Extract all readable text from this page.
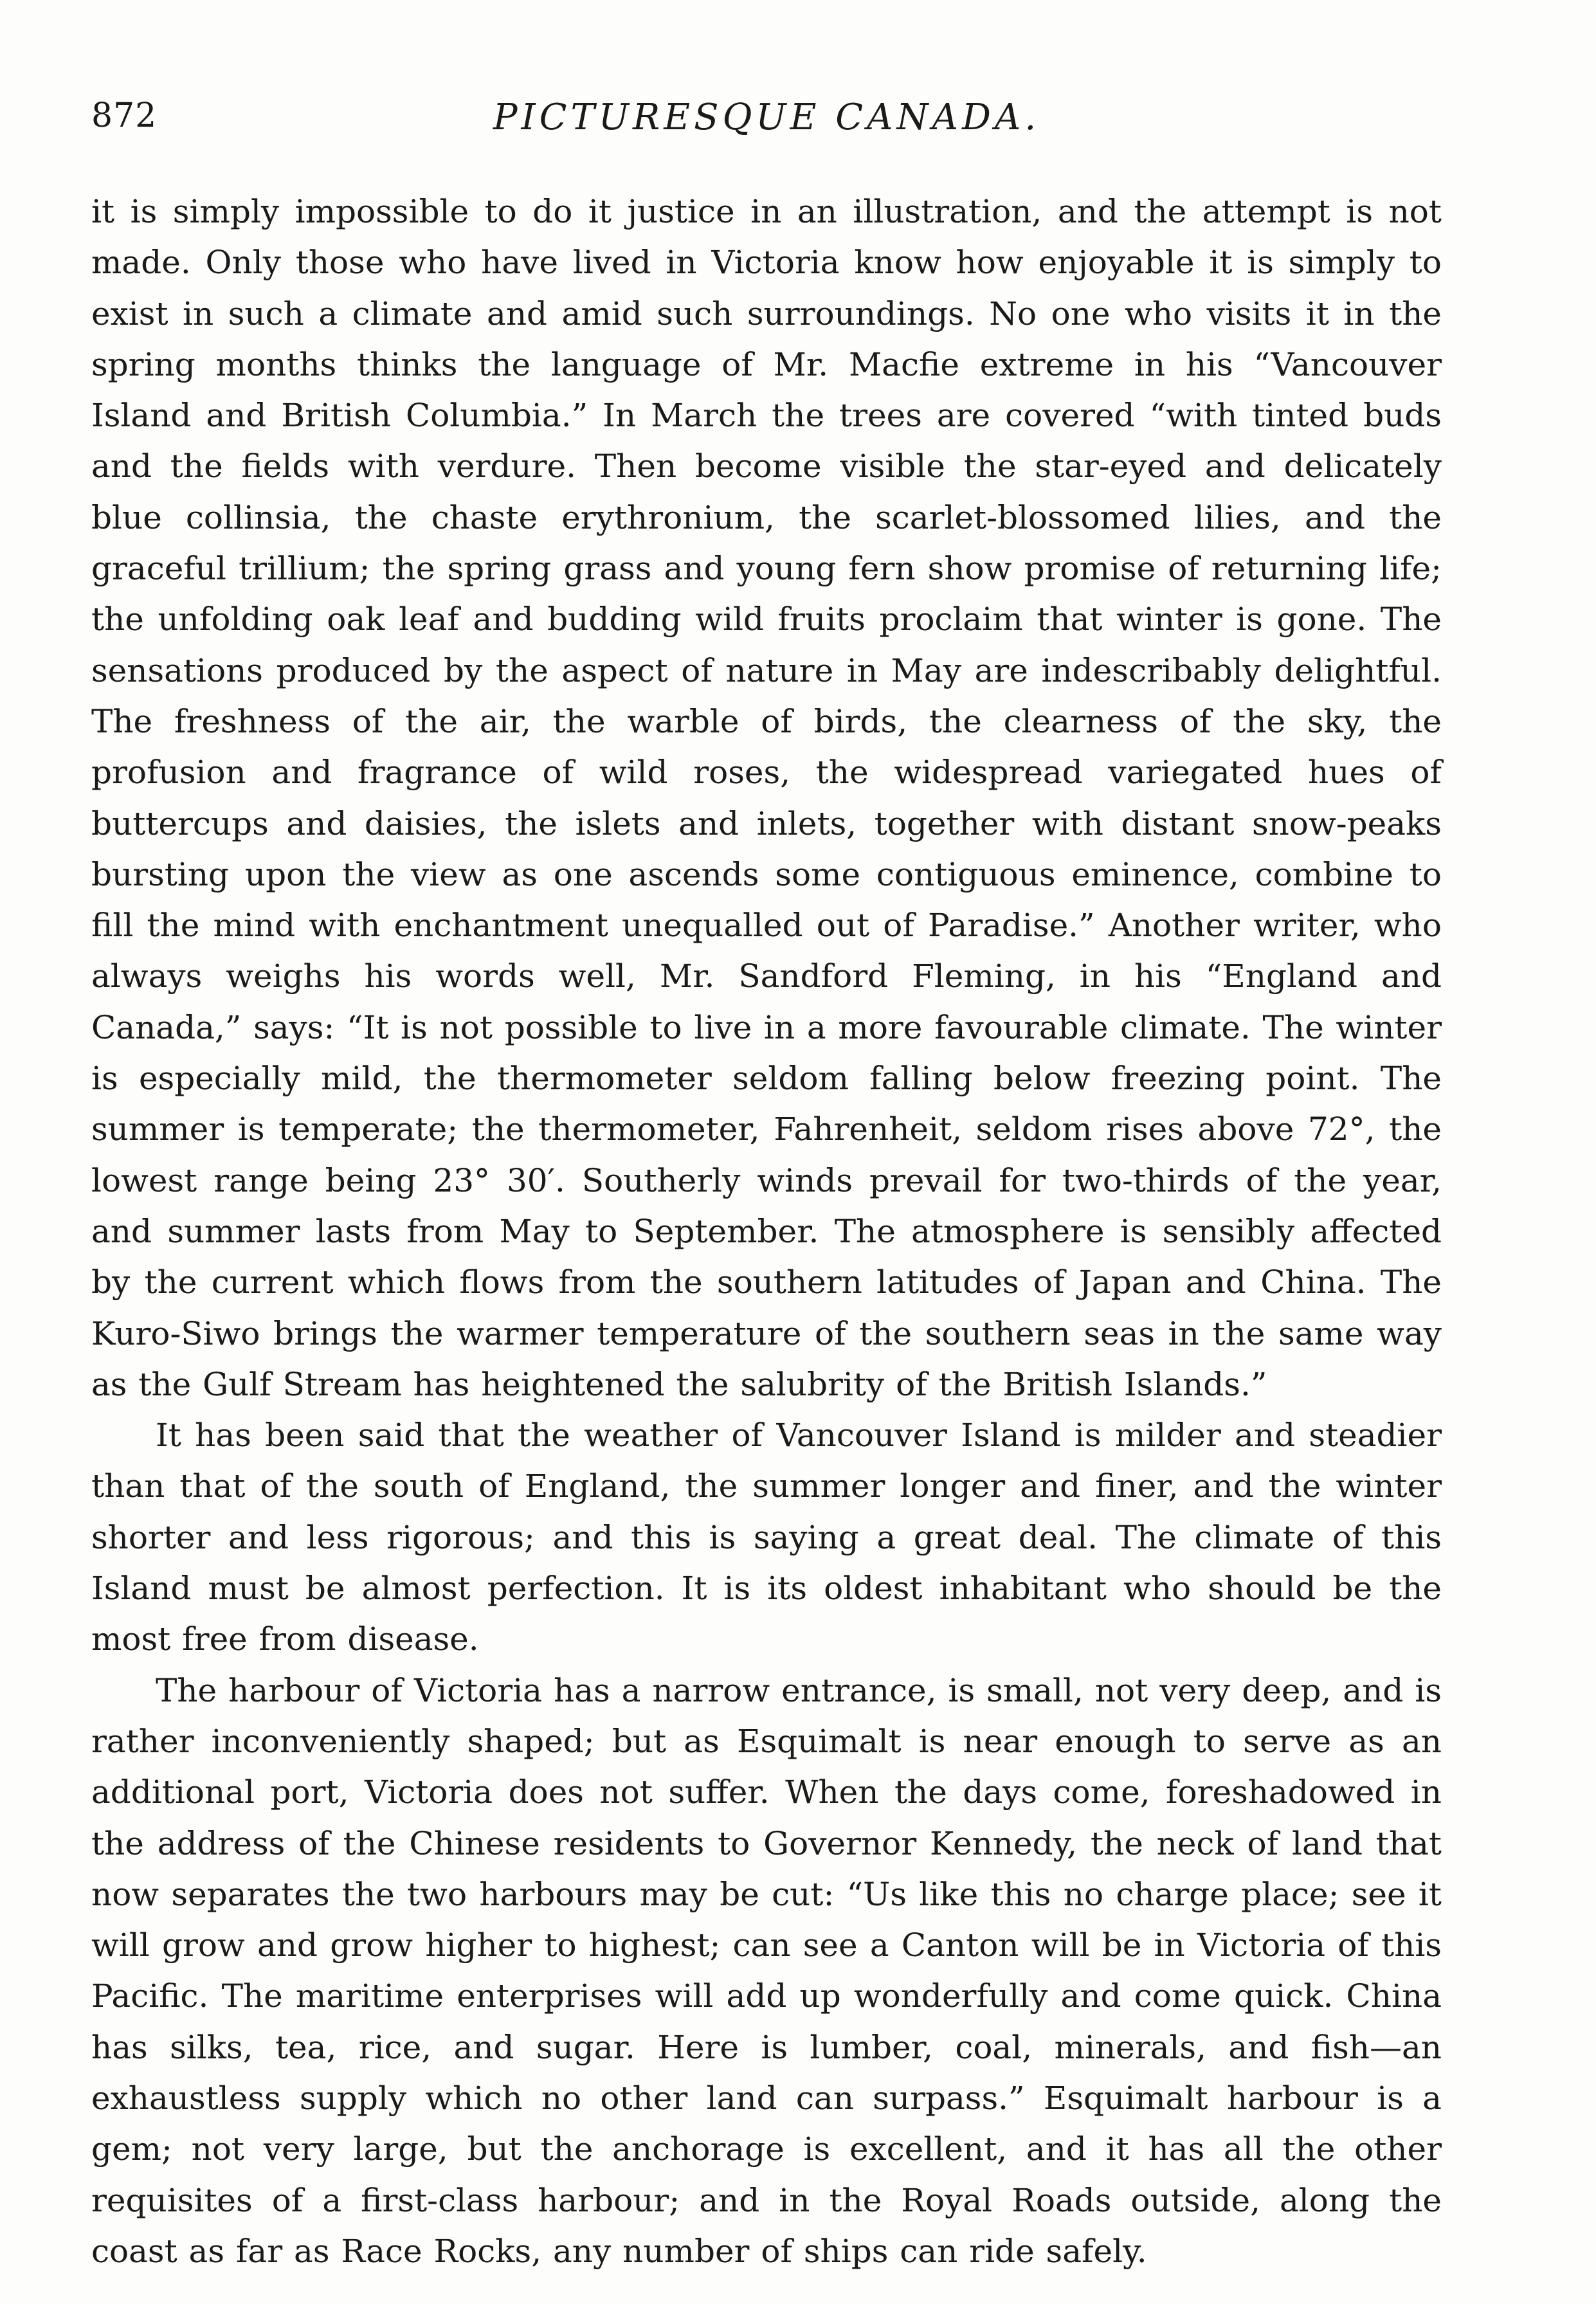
872	PICTURESQUE CANADA.

it is simply impossible to do it justice in an illustration, and the attempt is not made. Only those who have lived in Victoria know how enjoyable it is simply to exist in such a climate and amid such surroundings. No one who visits it in the spring months thinks the language of Mr. Macfie extreme in his “Vancouver Island and British Columbia.” In March the trees are covered “with tinted buds and the fields with verdure. Then become visible the star-eyed and delicately blue collinsia, the chaste erythronium, the scarlet-blossomed lilies, and the graceful trillium; the spring grass and young fern show promise of returning life; the unfolding oak leaf and budding wild fruits proclaim that winter is gone. The sensations produced by the aspect of nature in May are indescribably delightful. The freshness of the air, the warble of birds, the clearness of the sky, the profusion and fragrance of wild roses, the widespread variegated hues of buttercups and daisies, the islets and inlets, together with distant snow-peaks bursting upon the view as one ascends some contiguous eminence, combine to fill the mind with enchantment unequalled out of Paradise.” Another writer, who always weighs his words well, Mr. Sandford Fleming, in his “England and Canada,” says: “It is not possible to live in a more favourable climate. The winter is especially mild, the thermometer seldom falling below freezing point. The summer is temperate; the thermometer, Fahrenheit, seldom rises above 72°, the lowest range being 23° 30′. Southerly winds prevail for two-thirds of the year, and summer lasts from May to September. The atmosphere is sensibly affected by the current which flows from the southern latitudes of Japan and China. The Kuro-Siwo brings the warmer temperature of the southern seas in the same way as the Gulf Stream has heightened the salubrity of the British Islands.”

It has been said that the weather of Vancouver Island is milder and steadier than that of the south of England, the summer longer and finer, and the winter shorter and less rigorous; and this is saying a great deal. The climate of this Island must be almost perfection. It is its oldest inhabitant who should be the most free from disease.

The harbour of Victoria has a narrow entrance, is small, not very deep, and is rather inconveniently shaped; but as Esquimalt is near enough to serve as an additional port, Victoria does not suffer. When the days come, foreshadowed in the address of the Chinese residents to Governor Kennedy, the neck of land that now separates the two harbours may be cut: “Us like this no charge place; see it will grow and grow higher to highest; can see a Canton will be in Victoria of this Pacific. The maritime enterprises will add up wonderfully and come quick. China has silks, tea, rice, and sugar. Here is lumber, coal, minerals, and fish—an exhaustless supply which no other land can surpass.” Esquimalt harbour is a gem; not very large, but the anchorage is excellent, and it has all the other requisites of a first-class harbour; and in the Royal Roads outside, along the coast as far as Race Rocks, any number of ships can ride safely.
